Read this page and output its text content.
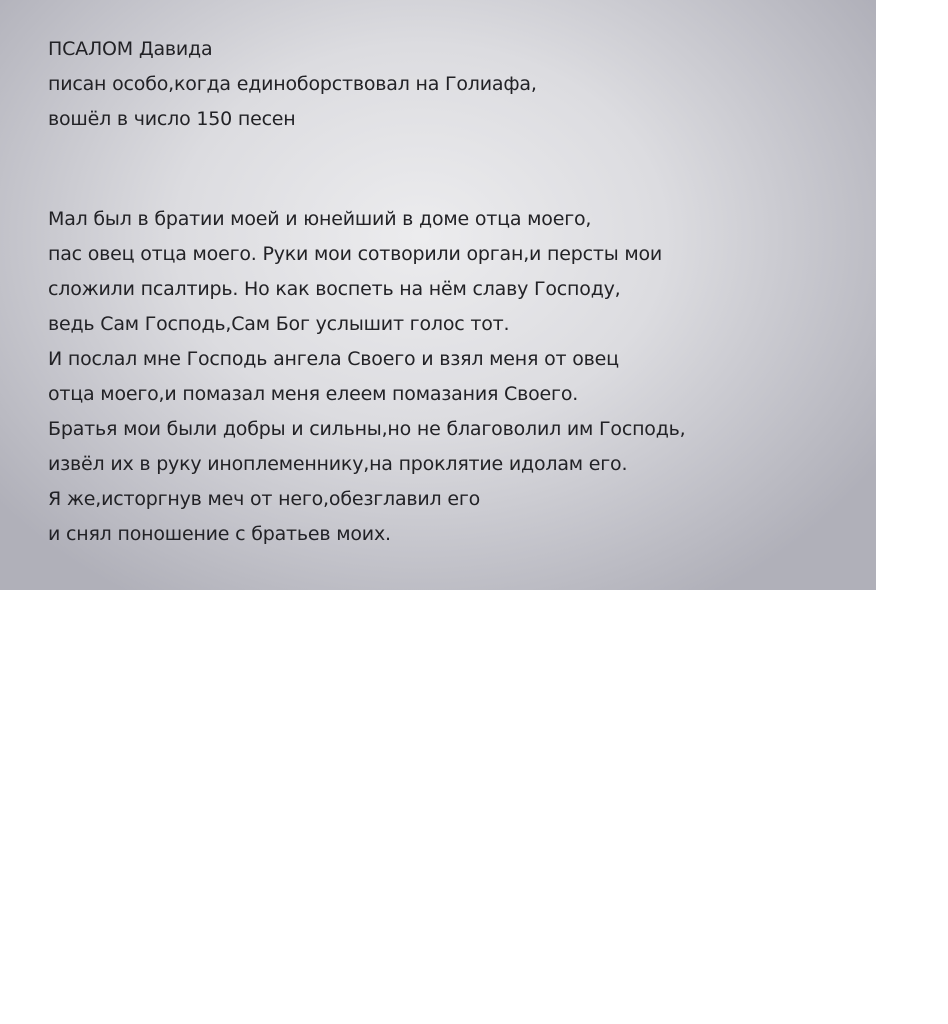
ПСАЛОМ Давида
писан особо,когда единоборствовал на Голиафа,
вошёл в число 150 песен
Мал был в братии моей и юнейший в доме отца моего,
пас овец отца моего. Руки мои сотворили орган,и персты мои
сложили псалтирь. Но как воспеть на нём славу Господу,
ведь Сам Господь,Сам Бог услышит голос тот.
И послал мне Господь ангела Своего и взял меня от овец
отца моего,и помазал меня елеем помазания Своего.
Братья мои были добры и сильны,но не благоволил им Господь,
извёл их в руку иноплеменнику,на проклятие идолам его.
Я же,исторгнув меч от него,обезглавил его
и снял поношение с братьев моих.
